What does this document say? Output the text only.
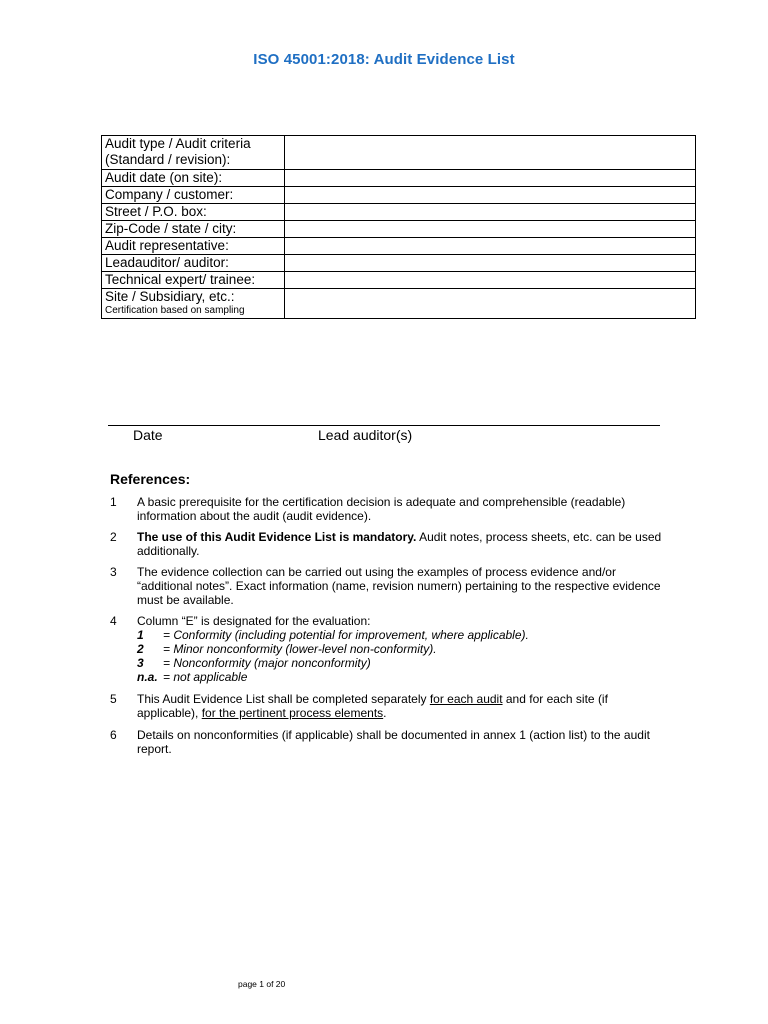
ISO 45001:2018: Audit Evidence List
Audit type / Audit criteria (Standard / revision):	
Audit date (on site):	
Company / customer:	
Street / P.O. box:	
Zip-Code / state / city:	
Audit representative:	
Leadauditor/ auditor:	
Technical expert/ trainee:	

Site / Subsidiary, etc.:
Certification based on sampling	

Date	Lead auditor(s)
References:
1 A basic prerequisite for the certification decision is adequate and comprehensible (readable) information about the audit (audit evidence).
2 The use of this Audit Evidence List is mandatory. Audit notes, process sheets, etc. can be used additionally.
3 The evidence collection can be carried out using the examples of process evidence and/or “additional notes”. Exact information (name, revision numern) pertaining to the respective evidence must be available.
4 Column “E” is designated for the evaluation:
1 = Conformity (including potential for improvement, where applicable).
2 = Minor nonconformity (lower-level non-conformity).
3 = Nonconformity (major nonconformity)
n.a. = not applicable
5 This Audit Evidence List shall be completed separately for each audit and for each site (if applicable), for the pertinent process elements.
6 Details on nonconformities (if applicable) shall be documented in annex 1 (action list) to the audit report.
page 1 of 20
